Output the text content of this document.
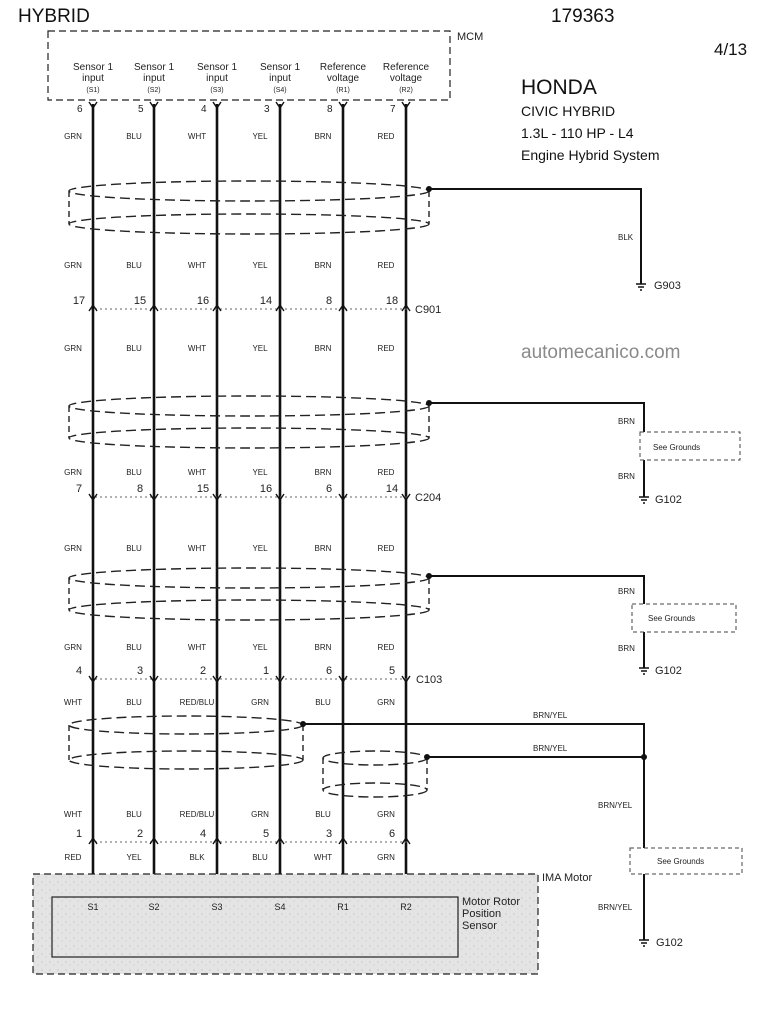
HYBRID	179363
4/13
HONDA
CIVIC HYBRID
1.3L - 110 HP - L4
Engine Hybrid System
automecanico.com
MCM
Sensor 1
input
(S1)
6
Sensor 1
input
(S2)
5
Sensor 1
input
(S3)
4
Sensor 1
input
(S4)
3
Reference
voltage
(R1)
8
Reference
voltage
(R2)
7
17	15	16	14	8	18
C901
7	8	15	16	6	14
C204
4	3	2	1	6	5
C103
1	2	4	5	3	6
GRN	BLU	WHT	YEL	BRN	RED
GRN	BLU	WHT	YEL	BRN	RED
GRN	BLU	WHT	YEL	BRN	RED
GRN	BLU	WHT	YEL	BRN	RED
GRN	BLU	WHT	YEL	BRN	RED
GRN	BLU	WHT	YEL	BRN	RED
WHT	BLU	RED/BLU	GRN	BLU	GRN
WHT	BLU	RED/BLU	GRN	BLU	GRN
RED	YEL	BLK	BLU	WHT	GRN
BLK
G903
BRN
See Grounds
BRN
G102
BRN
See Grounds
BRN
G102
BRN/YEL
BRN/YEL
BRN/YEL
See Grounds
BRN/YEL
G102
IMA Motor
Motor Rotor
Position
Sensor
S1	S2	S3	S4	R1	R2
